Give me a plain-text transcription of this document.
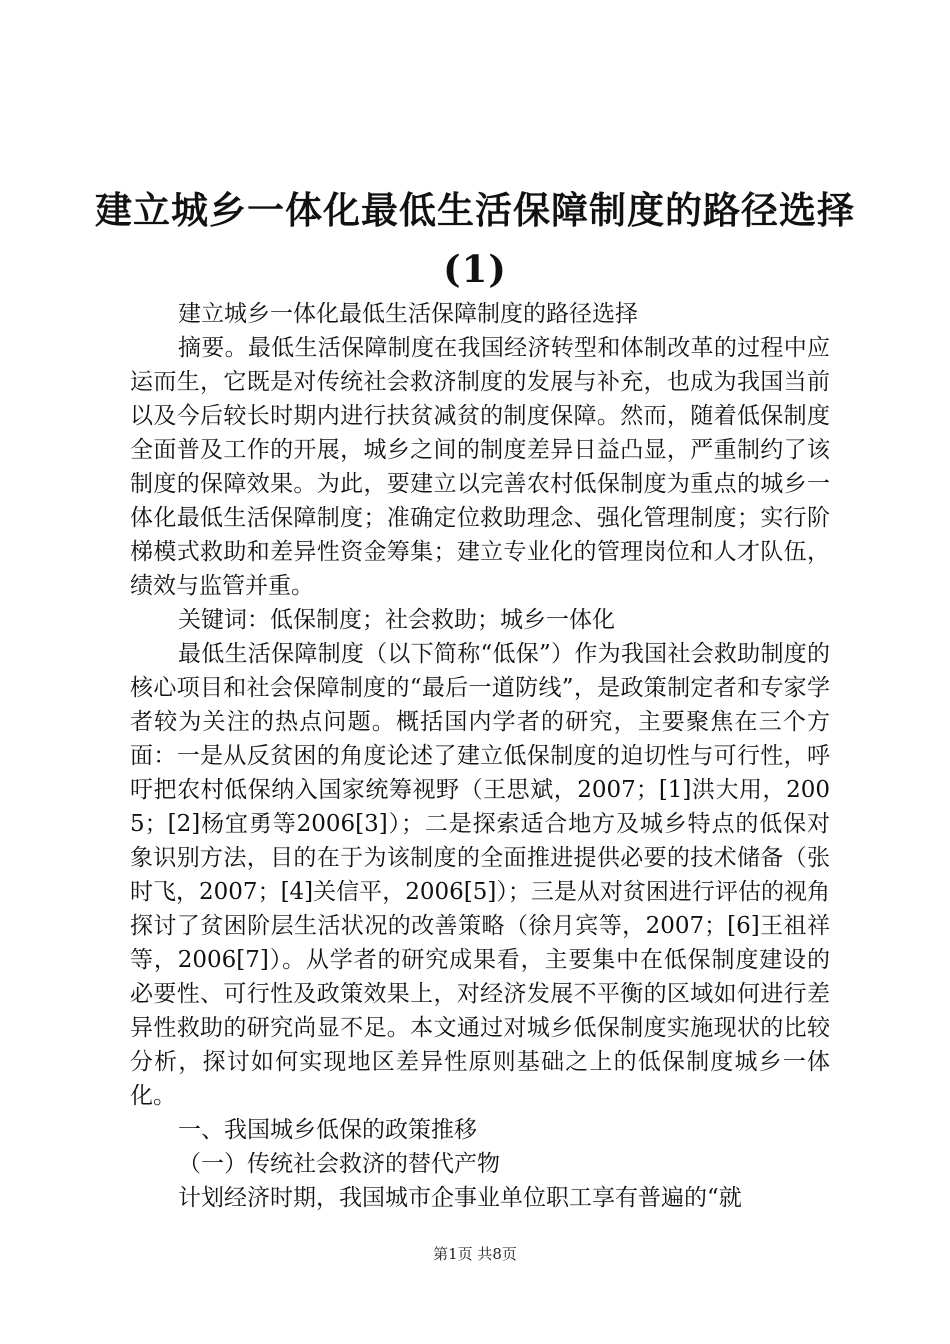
建立城乡一体化最低生活保障制度的路径选择
(1)

建立城乡一体化最低生活保障制度的路径选择

摘要。最低生活保障制度在我国经济转型和体制改革的过程中应运而生，它既是对传统社会救济制度的发展与补充，也成为我国当前以及今后较长时期内进行扶贫减贫的制度保障。然而，随着低保制度全面普及工作的开展，城乡之间的制度差异日益凸显，严重制约了该制度的保障效果。为此，要建立以完善农村低保制度为重点的城乡一体化最低生活保障制度；准确定位救助理念、强化管理制度；实行阶梯模式救助和差异性资金筹集；建立专业化的管理岗位和人才队伍，绩效与监管并重。

关键词：低保制度；社会救助；城乡一体化

最低生活保障制度（以下简称“低保”）作为我国社会救助制度的核心项目和社会保障制度的“最后一道防线”，是政策制定者和专家学者较为关注的热点问题。概括国内学者的研究，主要聚焦在三个方面：一是从反贫困的角度论述了建立低保制度的迫切性与可行性，呼吁把农村低保纳入国家统筹视野（王思斌，2007；[1]洪大用，2005；[2]杨宜勇等2006[3]）；二是探索适合地方及城乡特点的低保对象识别方法，目的在于为该制度的全面推进提供必要的技术储备（张时飞，2007；[4]关信平，2006[5]）；三是从对贫困进行评估的视角探讨了贫困阶层生活状况的改善策略（徐月宾等，2007；[6]王祖祥等，2006[7]）。从学者的研究成果看，主要集中在低保制度建设的必要性、可行性及政策效果上，对经济发展不平衡的区域如何进行差异性救助的研究尚显不足。本文通过对城乡低保制度实施现状的比较分析，探讨如何实现地区差异性原则基础之上的低保制度城乡一体化。

一、我国城乡低保的政策推移

（一）传统社会救济的替代产物

计划经济时期，我国城市企事业单位职工享有普遍的“就

第1页 共8页
